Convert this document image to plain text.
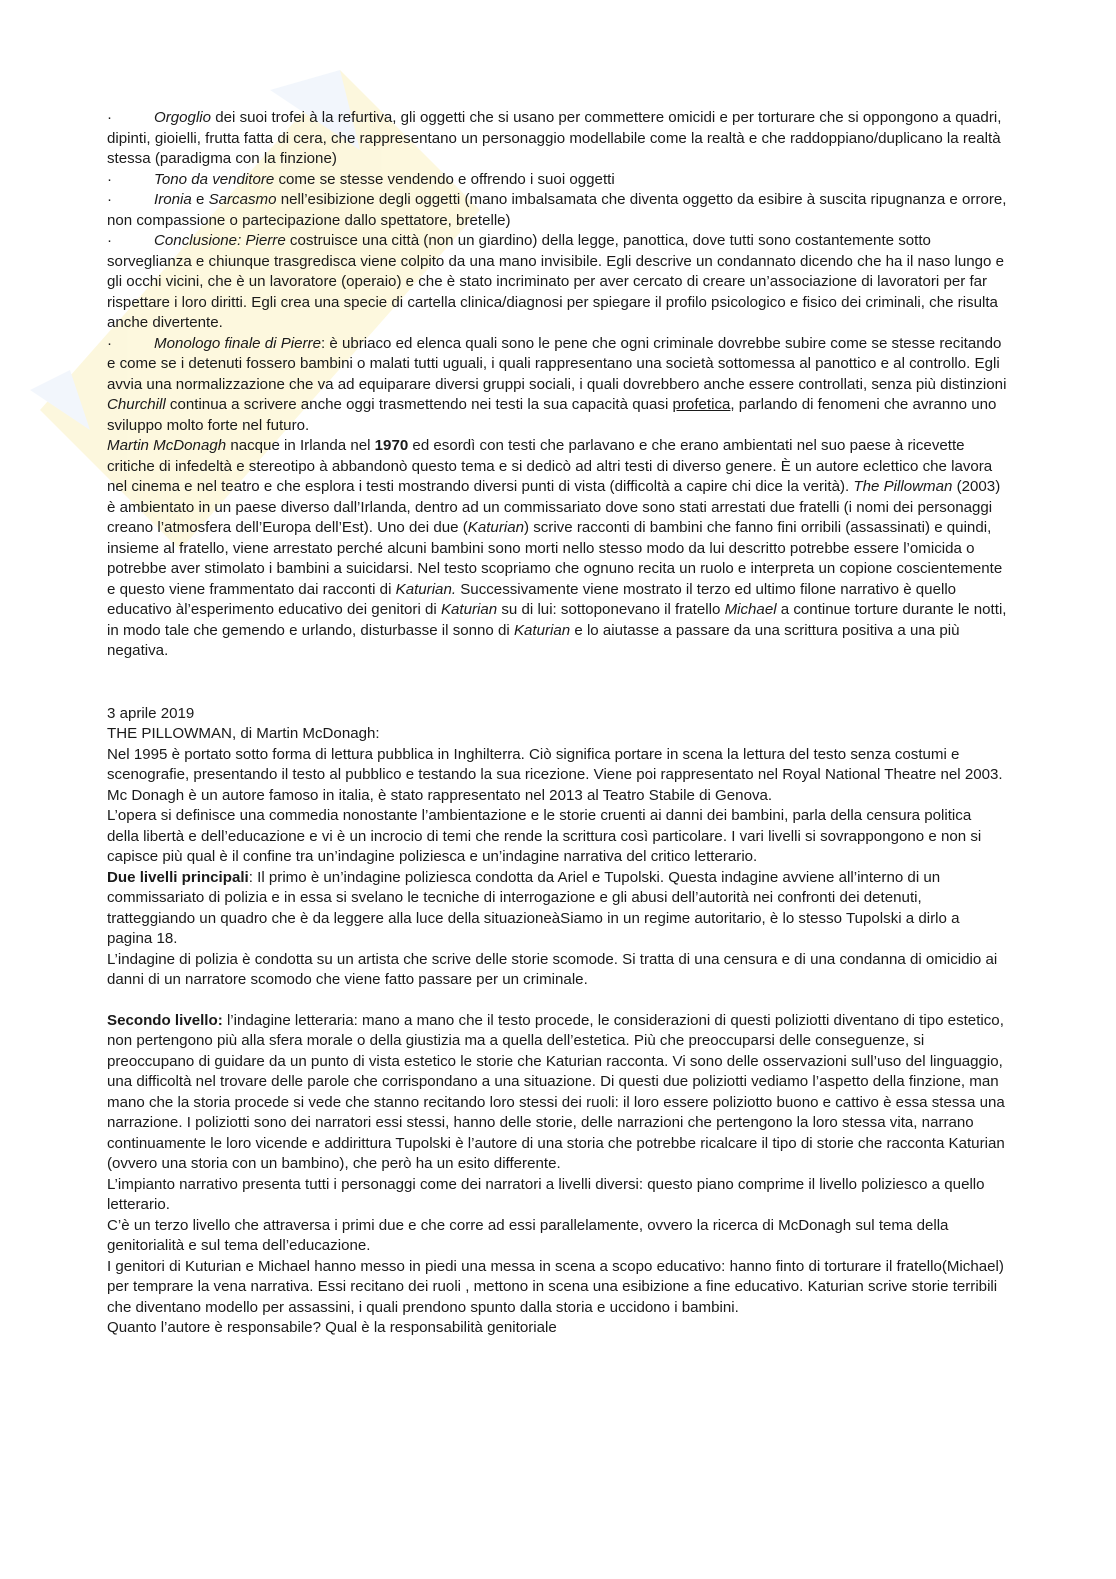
·	Orgoglio dei suoi trofei à la refurtiva, gli oggetti che si usano per commettere omicidi e per torturare che si oppongono a quadri, dipinti, gioielli, frutta fatta di cera, che rappresentano un personaggio modellabile come la realtà e che raddoppiano/duplicano la realtà stessa (paradigma con la finzione)

·	Tono da venditore come se stesse vendendo e offrendo i suoi oggetti

·	Ironia e Sarcasmo nell’esibizione degli oggetti (mano imbalsamata che diventa oggetto da esibire à suscita ripugnanza e orrore, non compassione o partecipazione dallo spettatore, bretelle)

·	Conclusione: Pierre costruisce una città (non un giardino) della legge, panottica, dove tutti sono costantemente sotto sorveglianza e chiunque trasgredisca viene colpito da una mano invisibile. Egli descrive un condannato dicendo che ha il naso lungo e gli occhi vicini, che è un lavoratore (operaio) e che è stato incriminato per aver cercato di creare un’associazione di lavoratori per far rispettare i loro diritti. Egli crea una specie di cartella clinica/diagnosi per spiegare il profilo psicologico e fisico dei criminali, che risulta anche divertente.

·	Monologo finale di Pierre: è ubriaco ed elenca quali sono le pene che ogni criminale dovrebbe subire come se stesse recitando e come se i detenuti fossero bambini o malati tutti uguali, i quali rappresentano una società sottomessa al panottico e al controllo. Egli avvia una normalizzazione che va ad equiparare diversi gruppi sociali, i quali dovrebbero anche essere controllati, senza più distinzioni

Churchill continua a scrivere anche oggi trasmettendo nei testi la sua capacità quasi profetica, parlando di fenomeni che avranno uno sviluppo molto forte nel futuro.

Martin McDonagh nacque in Irlanda nel 1970 ed esordì con testi che parlavano e che erano ambientati nel suo paese à ricevette critiche di infedeltà e stereotipo à abbandonò questo tema e si dedicò ad altri testi di diverso genere. È un autore eclettico che lavora nel cinema e nel teatro e che esplora i testi mostrando diversi punti di vista (difficoltà a capire chi dice la verità). The Pillowman (2003) è ambientato in un paese diverso dall’Irlanda, dentro ad un commissariato dove sono stati arrestati due fratelli (i nomi dei personaggi creano l’atmosfera dell’Europa dell’Est). Uno dei due (Katurian) scrive racconti di bambini che fanno fini orribili (assassinati) e quindi, insieme al fratello, viene arrestato perché alcuni bambini sono morti nello stesso modo da lui descritto potrebbe essere l’omicida o potrebbe aver stimolato i bambini a suicidarsi. Nel testo scopriamo che ognuno recita un ruolo e interpreta un copione coscientemente e questo viene frammentato dai racconti di Katurian. Successivamente viene mostrato il terzo ed ultimo filone narrativo è quello educativo àl’esperimento educativo dei genitori di Katurian su di lui: sottoponevano il fratello Michael a continue torture durante le notti, in modo tale che gemendo e urlando, disturbasse il sonno di Katurian e lo aiutasse a passare da una scrittura positiva a una più negativa.

3 aprile 2019

THE PILLOWMAN, di Martin McDonagh:

Nel 1995 è portato sotto forma di lettura pubblica in Inghilterra. Ciò significa portare in scena la lettura del testo senza costumi e scenografie, presentando il testo al pubblico e testando la sua ricezione. Viene poi rappresentato nel Royal National Theatre nel 2003. Mc Donagh è un autore famoso in italia, è stato rappresentato nel 2013 al Teatro Stabile di Genova.

L’opera si definisce una commedia nonostante l’ambientazione e le storie cruenti ai danni dei bambini, parla della censura politica della libertà e dell’educazione e vi è un incrocio di temi che rende la scrittura così particolare. I vari livelli si sovrappongono e non si capisce più qual è il confine tra un’indagine poliziesca e un’indagine narrativa del critico letterario.

Due livelli principali: Il primo è un’indagine poliziesca condotta da Ariel e Tupolski. Questa indagine avviene all’interno di un commissariato di polizia e in essa si svelano le tecniche di interrogazione e gli abusi dell’autorità nei confronti dei detenuti, tratteggiando un quadro che è da leggere alla luce della situazioneàSiamo in un regime autoritario, è lo stesso Tupolski a dirlo a pagina 18.

L’indagine di polizia è condotta su un artista che scrive delle storie scomode. Si tratta di una censura e di una condanna di omicidio ai danni di un narratore scomodo che viene fatto passare per un criminale.

Secondo livello: l’indagine letteraria: mano a mano che il testo procede, le considerazioni di questi poliziotti diventano di tipo estetico, non pertengono più alla sfera morale o della giustizia ma a quella dell’estetica. Più che preoccuparsi delle conseguenze, si preoccupano di guidare da un punto di vista estetico le storie che Katurian racconta. Vi sono delle osservazioni sull’uso del linguaggio, una difficoltà nel trovare delle parole che corrispondano a una situazione. Di questi due poliziotti vediamo l’aspetto della finzione, man mano che la storia procede si vede che stanno recitando loro stessi dei ruoli: il loro essere poliziotto buono e cattivo è essa stessa una narrazione. I poliziotti sono dei narratori essi stessi, hanno delle storie, delle narrazioni che pertengono la loro stessa vita, narrano continuamente le loro vicende e addirittura Tupolski è l’autore di una storia che potrebbe ricalcare il tipo di storie che racconta Katurian (ovvero una storia con un bambino), che però ha un esito differente.

L’impianto narrativo presenta tutti i personaggi come dei narratori a livelli diversi: questo piano comprime il livello poliziesco a quello letterario.

C’è un terzo livello che attraversa i primi due e che corre ad essi parallelamente, ovvero la ricerca di McDonagh sul tema della genitorialità e sul tema dell’educazione.

I genitori di Kuturian e Michael hanno messo in piedi una messa in scena a scopo educativo: hanno finto di torturare il fratello(Michael) per temprare la vena narrativa. Essi recitano dei ruoli , mettono in scena una esibizione a fine educativo. Katurian scrive storie terribili che diventano modello per assassini, i quali prendono spunto dalla storia e uccidono i bambini.

Quanto l’autore è responsabile? Qual è la responsabilità genitoriale
